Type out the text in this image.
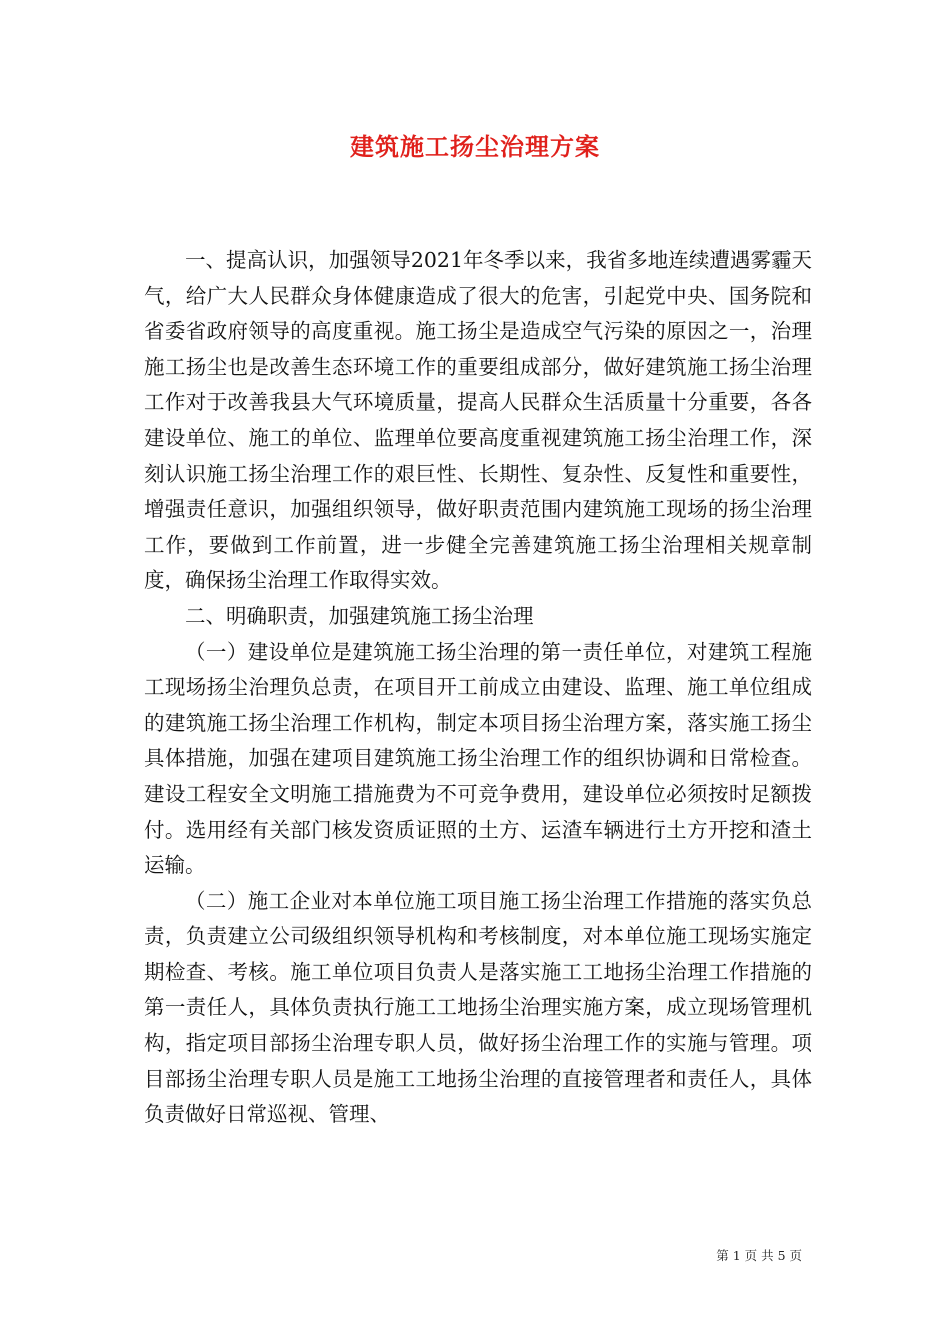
建筑施工扬尘治理方案

一、提高认识，加强领导2021年冬季以来，我省多地连续遭遇雾霾天气，给广大人民群众身体健康造成了很大的危害，引起党中央、国务院和省委省政府领导的高度重视。施工扬尘是造成空气污染的原因之一，治理施工扬尘也是改善生态环境工作的重要组成部分，做好建筑施工扬尘治理工作对于改善我县大气环境质量，提高人民群众生活质量十分重要，各各建设单位、施工的单位、监理单位要高度重视建筑施工扬尘治理工作，深刻认识施工扬尘治理工作的艰巨性、长期性、复杂性、反复性和重要性，增强责任意识，加强组织领导，做好职责范围内建筑施工现场的扬尘治理工作，要做到工作前置，进一步健全完善建筑施工扬尘治理相关规章制度，确保扬尘治理工作取得实效。

二、明确职责，加强建筑施工扬尘治理

（一）建设单位是建筑施工扬尘治理的第一责任单位，对建筑工程施工现场扬尘治理负总责，在项目开工前成立由建设、监理、施工单位组成的建筑施工扬尘治理工作机构，制定本项目扬尘治理方案，落实施工扬尘具体措施，加强在建项目建筑施工扬尘治理工作的组织协调和日常检查。建设工程安全文明施工措施费为不可竞争费用，建设单位必须按时足额拨付。选用经有关部门核发资质证照的土方、运渣车辆进行土方开挖和渣土运输。

（二）施工企业对本单位施工项目施工扬尘治理工作措施的落实负总责，负责建立公司级组织领导机构和考核制度，对本单位施工现场实施定期检查、考核。施工单位项目负责人是落实施工工地扬尘治理工作措施的第一责任人，具体负责执行施工工地扬尘治理实施方案，成立现场管理机构，指定项目部扬尘治理专职人员，做好扬尘治理工作的实施与管理。项目部扬尘治理专职人员是施工工地扬尘治理的直接管理者和责任人，具体负责做好日常巡视、管理、

第 1 页 共 5 页
